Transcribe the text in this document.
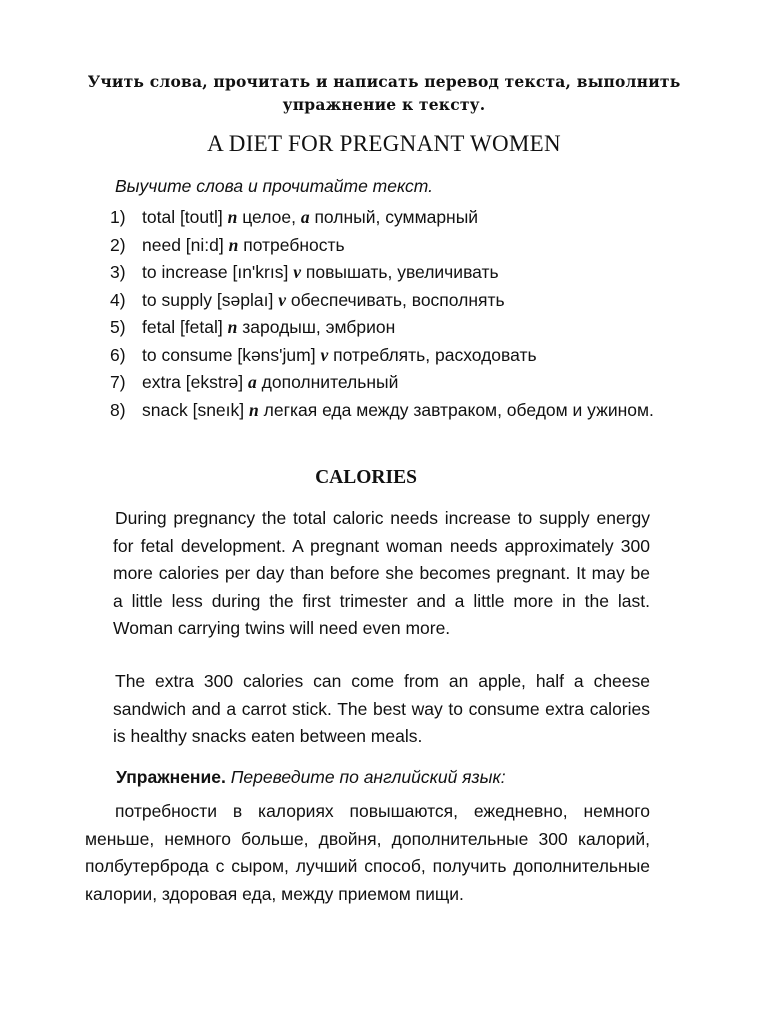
Учить слова, прочитать и написать перевод текста, выполнить
упражнение к тексту.
A DIET FOR PREGNANT WOMEN
Выучите слова и прочитайте текст.
1) total [toutl] n целое, a полный, суммарный
2) need [nі:d] n потребность
3) to increase [ın'krıs] v повышать, увеличивать
4) to supply [səplaı] v обеспечивать, восполнять
5) fetal [fetal] n зародыш, эмбрион
6) to consume [kəns'jum] v потреблять, расходовать
7) extra [ekstrə] a дополнительный
8) snack [sneık] n легкая еда между завтраком, обедом и ужином.
CALORIES

During pregnancy the total caloric needs increase to supply energy for fetal development. A pregnant woman needs approximately 300 more calories per day than before she becomes pregnant. It may be a little less during the first trimester and a little more in the last. Woman carrying twins will need even more.

The extra 300 calories can come from an apple, half a cheese sandwich and a carrot stick. The best way to consume extra calories is healthy snacks eaten between meals.

Упражнение. Переведите по английский язык:

потребности в калориях повышаются, ежедневно, немного меньше, немного больше, двойня, дополнительные 300 калорий, полбутерброда с сыром, лучший способ, получить дополнительные калории, здоровая еда, между приемом пищи.
